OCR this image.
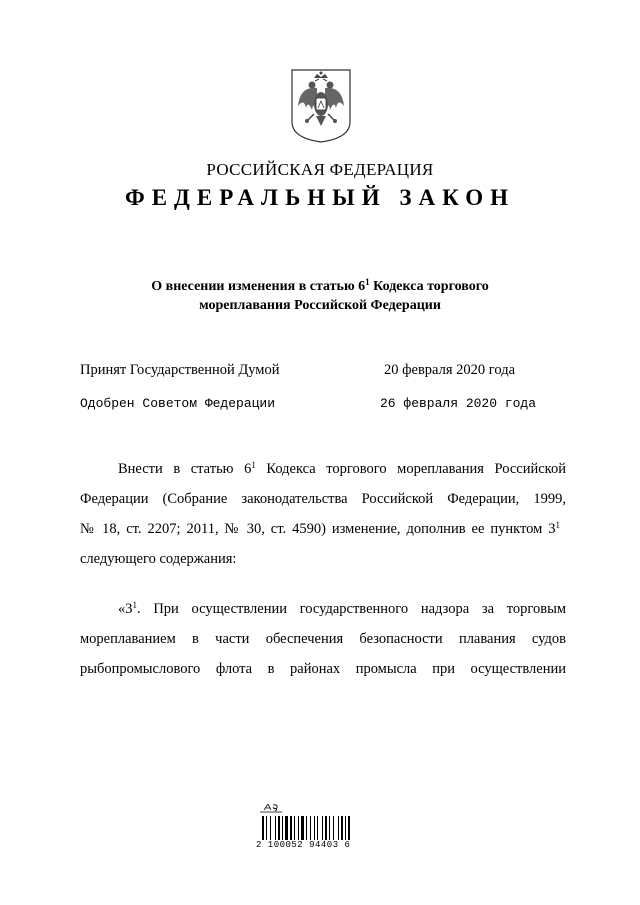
РОССИЙСКАЯ ФЕДЕРАЦИЯ
ФЕДЕРАЛЬНЫЙ ЗАКОН
О внесении изменения в статью $6^1$ Кодекса торгового
мореплавания Российской Федерации
Принят Государственной Думой	20 февраля 2020 года
Одобрен Советом Федерации	26 февраля 2020 года
Внести в статью $6^1$ Кодекса торгового мореплавания Российской
Федерации (Собрание законодательства Российской Федерации, 1999,
№ 18, ст. 2207; 2011, № 30, ст. 4590) изменение, дополнив ее пунктом $3^1$
следующего содержания:
«$3^1$. При осуществлении государственного надзора за торговым
мореплаванием в части обеспечения безопасности плавания судов
рыбопромыслового флота в районах промысла при осуществлении
2 100052 94403 6
